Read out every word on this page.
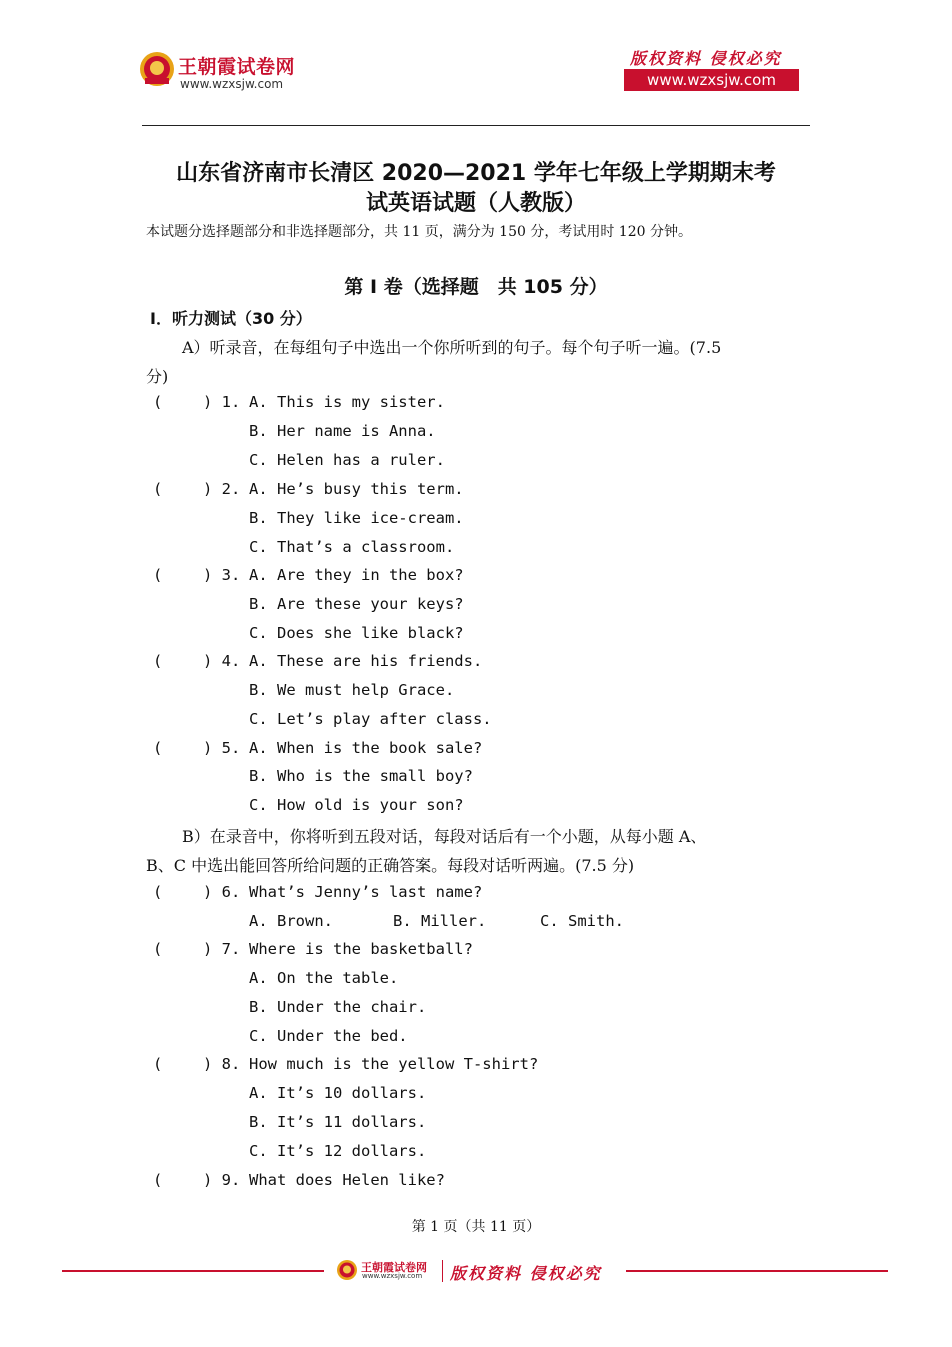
王朝霞试卷网
www.wzxsjw.com
版权资料 侵权必究
www.wzxsjw.com
山东省济南市长清区 2020—2021 学年七年级上学期期末考
试英语试题（人教版）
本试题分选择题部分和非选择题部分，共 11 页，满分为 150 分，考试用时 120 分钟。
第 I 卷（选择题　共 105 分）
I．听力测试（30 分）
A）听录音，在每组句子中选出一个你所听到的句子。每个句子听一遍。(7.5
分)
(	) 1. A. This is my sister.
B. Her name is Anna.
C. Helen has a ruler.
(	) 2. A. He’s busy this term.
B. They like ice-cream.
C. That’s a classroom.
(	) 3. A. Are they in the box?
B. Are these your keys?
C. Does she like black?
(	) 4. A. These are his friends.
B. We must help Grace.
C. Let’s play after class.
(	) 5. A. When is the book sale?
B. Who is the small boy?
C. How old is your son?
B）在录音中，你将听到五段对话，每段对话后有一个小题，从每小题 A、
B、C 中选出能回答所给问题的正确答案。每段对话听两遍。(7.5 分)
(	) 6. What’s Jenny’s last name?
A. Brown.	B. Miller.	C. Smith.
(	) 7. Where is the basketball?
A. On the table.
B. Under the chair.
C. Under the bed.
(	) 8. How much is the yellow T-shirt?
A. It’s 10 dollars.
B. It’s 11 dollars.
C. It’s 12 dollars.
(	) 9. What does Helen like?
第 1 页（共 11 页）
王朝霞试卷网
www.wzxsjw.com 版权资料 侵权必究
